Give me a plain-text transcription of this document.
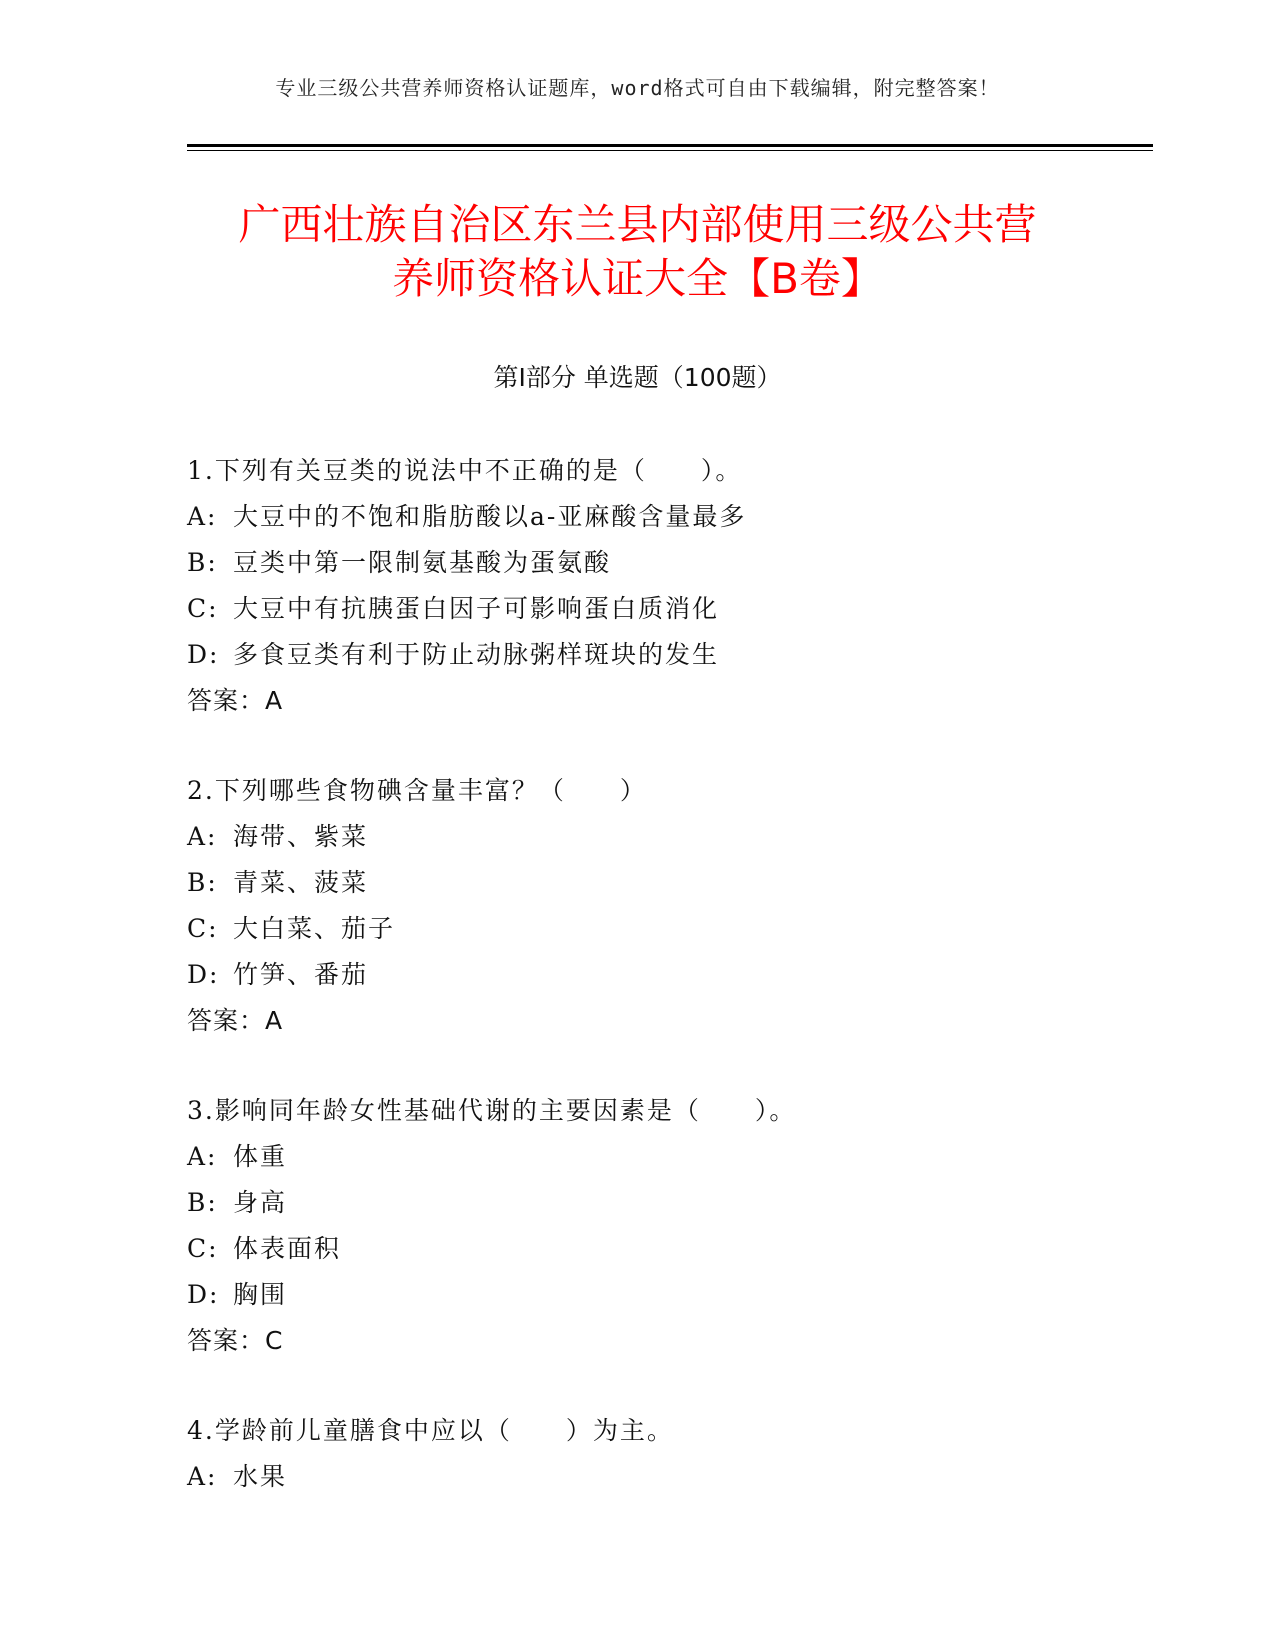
专业三级公共营养师资格认证题库，word格式可自由下载编辑，附完整答案！
广西壮族自治区东兰县内部使用三级公共营
养师资格认证大全【B卷】
第I部分 单选题（100题）
1.下列有关豆类的说法中不正确的是（　　）。
A: 大豆中的不饱和脂肪酸以a-亚麻酸含量最多
B: 豆类中第一限制氨基酸为蛋氨酸
C: 大豆中有抗胰蛋白因子可影响蛋白质消化
D: 多食豆类有利于防止动脉粥样斑块的发生
答案：A
2.下列哪些食物碘含量丰富？（　　）
A: 海带、紫菜
B: 青菜、菠菜
C: 大白菜、茄子
D: 竹笋、番茄
答案：A
3.影响同年龄女性基础代谢的主要因素是（　　）。
A: 体重
B: 身高
C: 体表面积
D: 胸围
答案：C
4.学龄前儿童膳食中应以（　　）为主。
A: 水果
